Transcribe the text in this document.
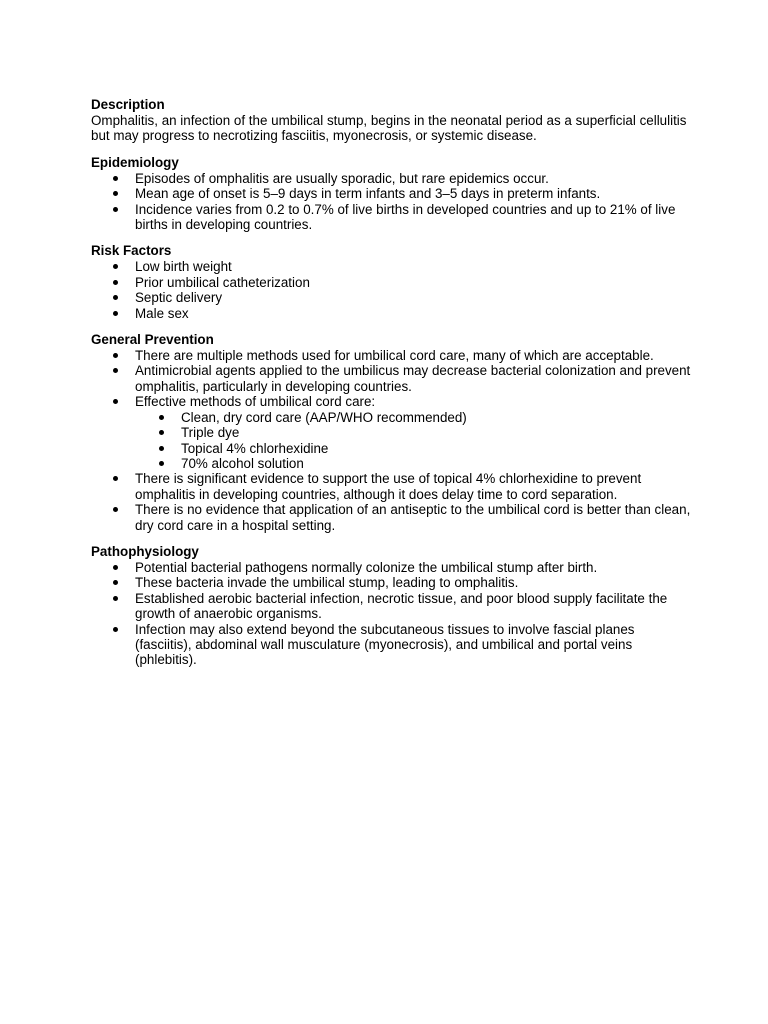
Description
Omphalitis, an infection of the umbilical stump, begins in the neonatal period as a superficial cellulitis but may progress to necrotizing fasciitis, myonecrosis, or systemic disease.
Epidemiology
Episodes of omphalitis are usually sporadic, but rare epidemics occur.
Mean age of onset is 5–9 days in term infants and 3–5 days in preterm infants.
Incidence varies from 0.2 to 0.7% of live births in developed countries and up to 21% of live births in developing countries.
Risk Factors
Low birth weight
Prior umbilical catheterization
Septic delivery
Male sex
General Prevention
There are multiple methods used for umbilical cord care, many of which are acceptable.
Antimicrobial agents applied to the umbilicus may decrease bacterial colonization and prevent omphalitis, particularly in developing countries.
Effective methods of umbilical cord care:
Clean, dry cord care (AAP/WHO recommended)
Triple dye
Topical 4% chlorhexidine
70% alcohol solution
There is significant evidence to support the use of topical 4% chlorhexidine to prevent omphalitis in developing countries, although it does delay time to cord separation.
There is no evidence that application of an antiseptic to the umbilical cord is better than clean, dry cord care in a hospital setting.
Pathophysiology
Potential bacterial pathogens normally colonize the umbilical stump after birth.
These bacteria invade the umbilical stump, leading to omphalitis.
Established aerobic bacterial infection, necrotic tissue, and poor blood supply facilitate the growth of anaerobic organisms.
Infection may also extend beyond the subcutaneous tissues to involve fascial planes (fasciitis), abdominal wall musculature (myonecrosis), and umbilical and portal veins (phlebitis).
